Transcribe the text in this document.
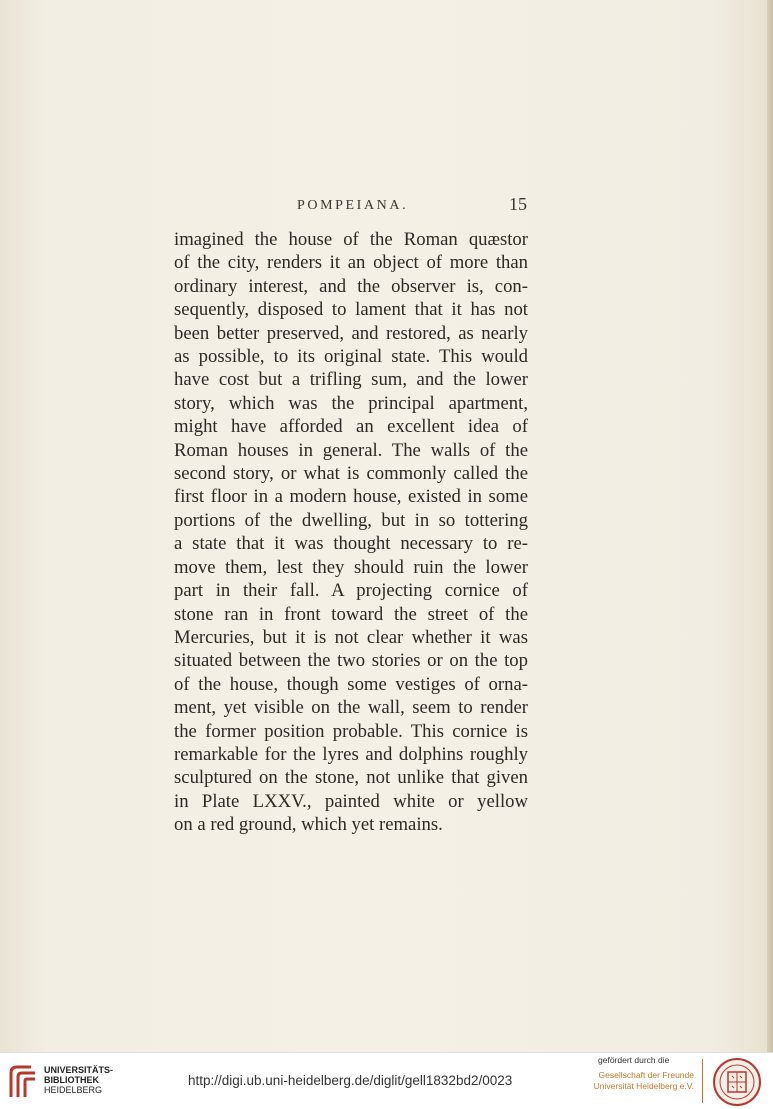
POMPEIANA.	15

imagined the house of the Roman quæstor
of the city, renders it an object of more than
ordinary interest, and the observer is, con-
sequently, disposed to lament that it has not
been better preserved, and restored, as nearly
as possible, to its original state. This would
have cost but a trifling sum, and the lower
story, which was the principal apartment,
might have afforded an excellent idea of
Roman houses in general. The walls of the
second story, or what is commonly called the
first floor in a modern house, existed in some
portions of the dwelling, but in so tottering
a state that it was thought necessary to re-
move them, lest they should ruin the lower
part in their fall. A projecting cornice of
stone ran in front toward the street of the
Mercuries, but it is not clear whether it was
situated between the two stories or on the top
of the house, though some vestiges of orna-
ment, yet visible on the wall, seem to render
the former position probable. This cornice is
remarkable for the lyres and dolphins roughly
sculptured on the stone, not unlike that given
in Plate LXXV., painted white or yellow
on a red ground, which yet remains.

UNIVERSITÄTS-
BIBLIOTHEK
HEIDELBERG
http://digi.ub.uni-heidelberg.de/diglit/gell1832bd2/0023
gefördert durch die
Gesellschaft der Freunde
Universität Heidelberg e.V.
